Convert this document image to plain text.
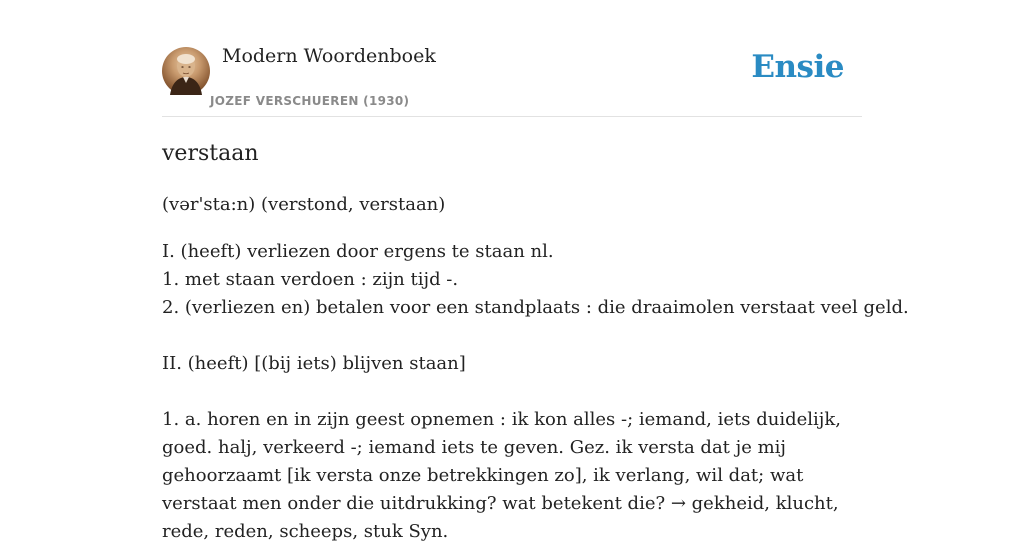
Modern Woordenboek
JOZEF VERSCHUEREN (1930)
Ensie
verstaan
(vər'sta:n) (verstond, verstaan)
I. (heeft) verliezen door ergens te staan nl.
1. met staan verdoen : zijn tijd -.
2. (verliezen en) betalen voor een standplaats : die draaimolen verstaat veel geld.
II. (heeft) [(bij iets) blijven staan]
1. a. horen en in zijn geest opnemen : ik kon alles -; iemand, iets duidelijk, goed. halj, verkeerd -; iemand iets te geven. Gez. ik versta dat je mij gehoorzaamt [ik versta onze betrekkingen zo], ik verlang, wil dat; wat verstaat men onder die uitdrukking? wat betekent die? → gekheid, klucht, rede, reden, scheeps, stuk Syn.
